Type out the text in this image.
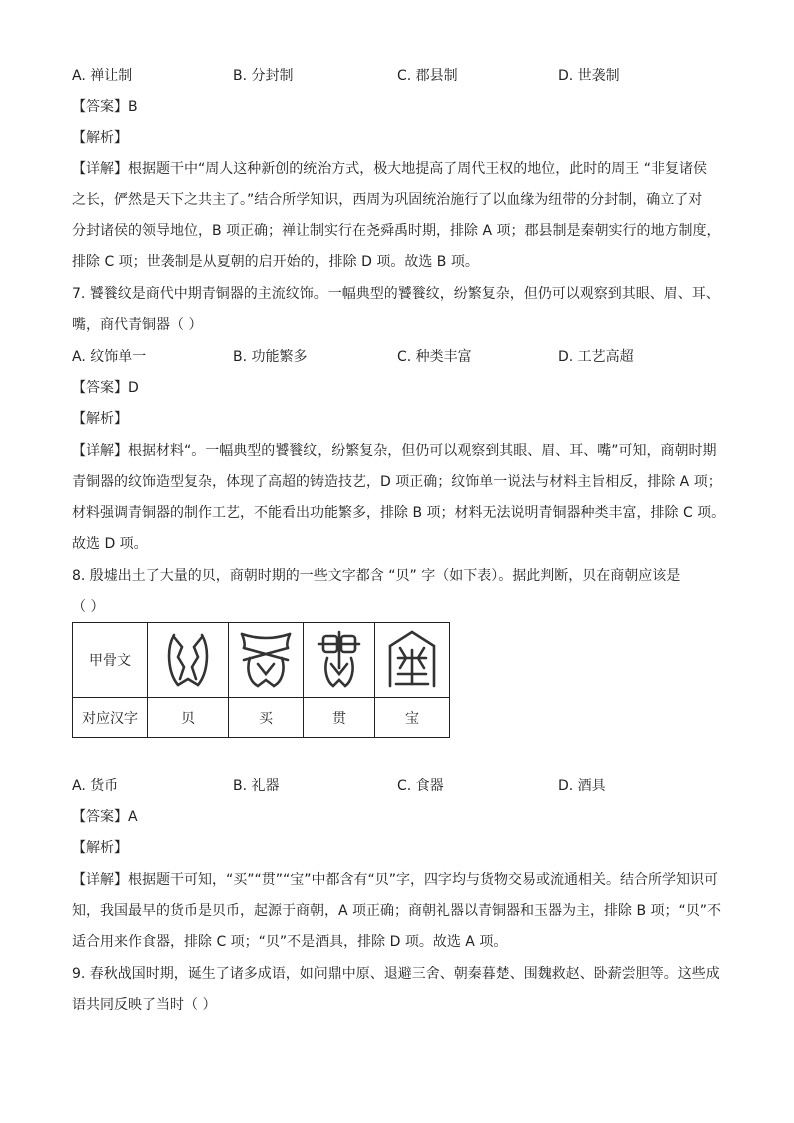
A. 禅让制	B. 分封制	C. 郡县制	D. 世袭制
【答案】B
【解析】
【详解】根据题干中“周人这种新创的统治方式，极大地提高了周代王权的地位，此时的周王 “非复诸侯
之长，俨然是天下之共主了。”结合所学知识，西周为巩固统治施行了以血缘为纽带的分封制，确立了对
分封诸侯的领导地位，B 项正确；禅让制实行在尧舜禹时期，排除 A 项；郡县制是秦朝实行的地方制度，
排除 C 项；世袭制是从夏朝的启开始的，排除 D 项。故选 B 项。
7. 饕餮纹是商代中期青铜器的主流纹饰。一幅典型的饕餮纹，纷繁复杂，但仍可以观察到其眼、眉、耳、
嘴，商代青铜器（ ）
A. 纹饰单一	B. 功能繁多	C. 种类丰富	D. 工艺高超
【答案】D
【解析】
【详解】根据材料“。一幅典型的饕餮纹，纷繁复杂，但仍可以观察到其眼、眉、耳、嘴”可知，商朝时期
青铜器的纹饰造型复杂，体现了高超的铸造技艺，D 项正确；纹饰单一说法与材料主旨相反，排除 A 项；
材料强调青铜器的制作工艺，不能看出功能繁多，排除 B 项；材料无法说明青铜器种类丰富，排除 C 项。
故选 D 项。
8. 殷墟出土了大量的贝，商朝时期的一些文字都含 “贝” 字（如下表）。据此判断，贝在商朝应该是
（ ）
甲骨文	

对应汉字	贝	买	贯	宝
A. 货币	B. 礼器	C. 食器	D. 酒具
【答案】A
【解析】
【详解】根据题干可知，“买”“贯”“宝”中都含有“贝”字，四字均与货物交易或流通相关。结合所学知识可
知，我国最早的货币是贝币，起源于商朝，A 项正确；商朝礼器以青铜器和玉器为主，排除 B 项；“贝”不
适合用来作食器，排除 C 项；“贝”不是酒具，排除 D 项。故选 A 项。
9. 春秋战国时期，诞生了诸多成语，如问鼎中原、退避三舍、朝秦暮楚、围魏救赵、卧薪尝胆等。这些成
语共同反映了当时（ ）
